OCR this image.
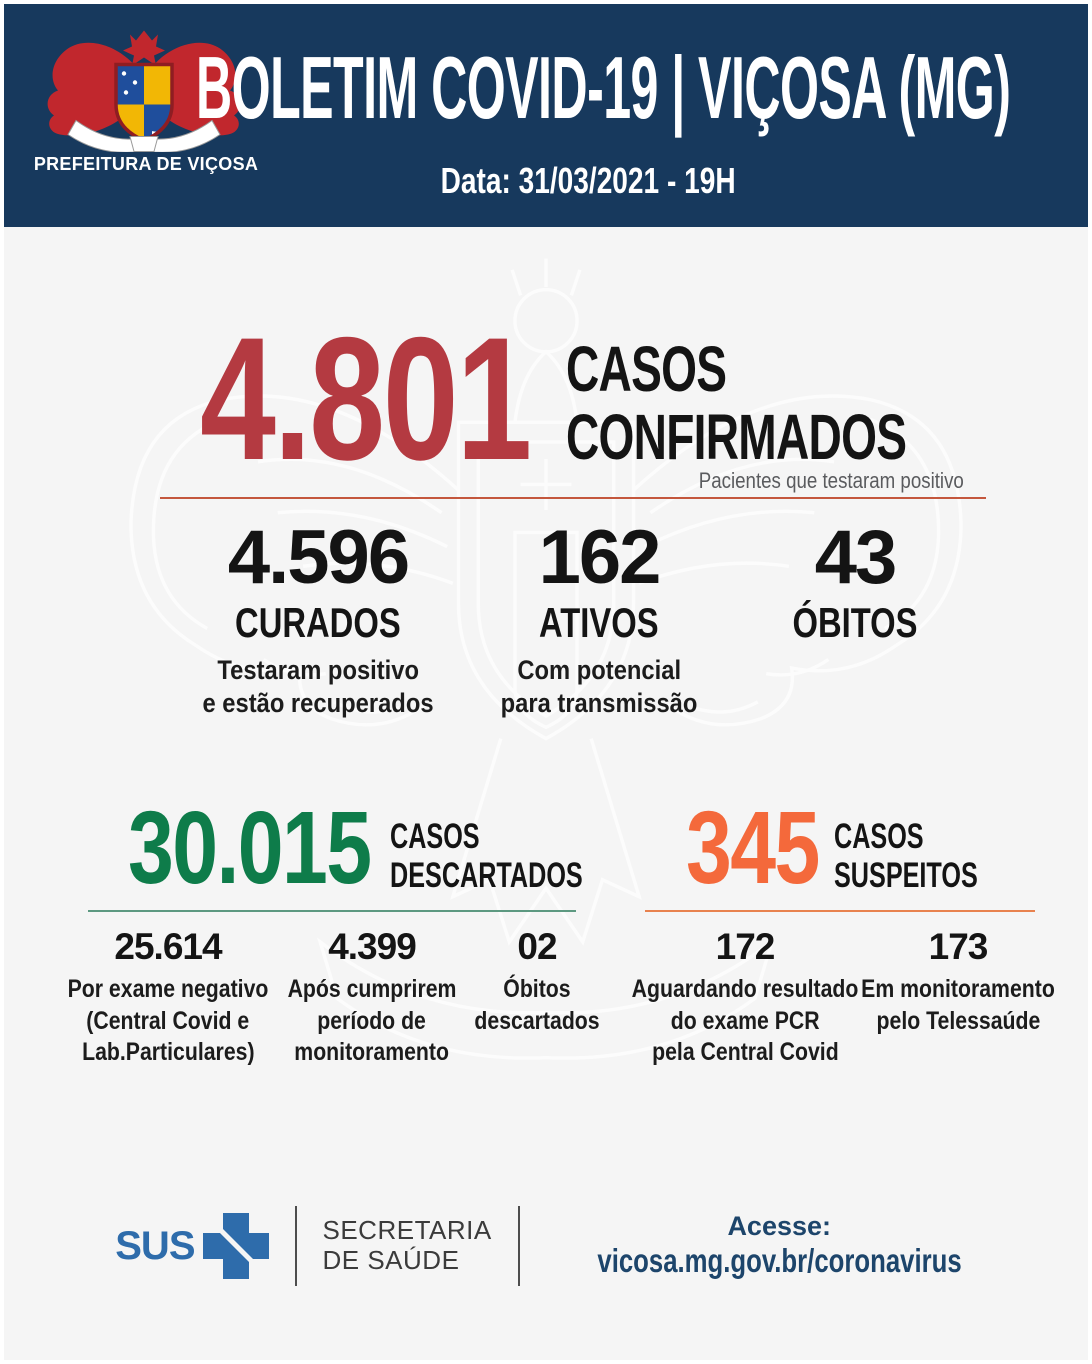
PREFEITURA DE VIÇOSA
BOLETIM COVID-19 | VIÇOSA (MG)
Data: 31/03/2021 - 19H
4.801 CASOS
CONFIRMADOS
Pacientes que testaram positivo
4.596
CURADOS
Testaram positivo
e estão recuperados
162
ATIVOS
Com potencial
para transmissão
43
ÓBITOS
30.015 CASOS
DESCARTADOS
25.614
Por exame negativo
(Central Covid e
Lab.Particulares)
4.399
Após cumprirem
período de
monitoramento
02
Óbitos
descartados
345 CASOS
SUSPEITOS
172
Aguardando resultado
do exame PCR
pela Central Covid
173
Em monitoramento
pelo Telessaúde
SUS	SECRETARIA
DE SAÚDE
Acesse:
vicosa.mg.gov.br/coronavirus
